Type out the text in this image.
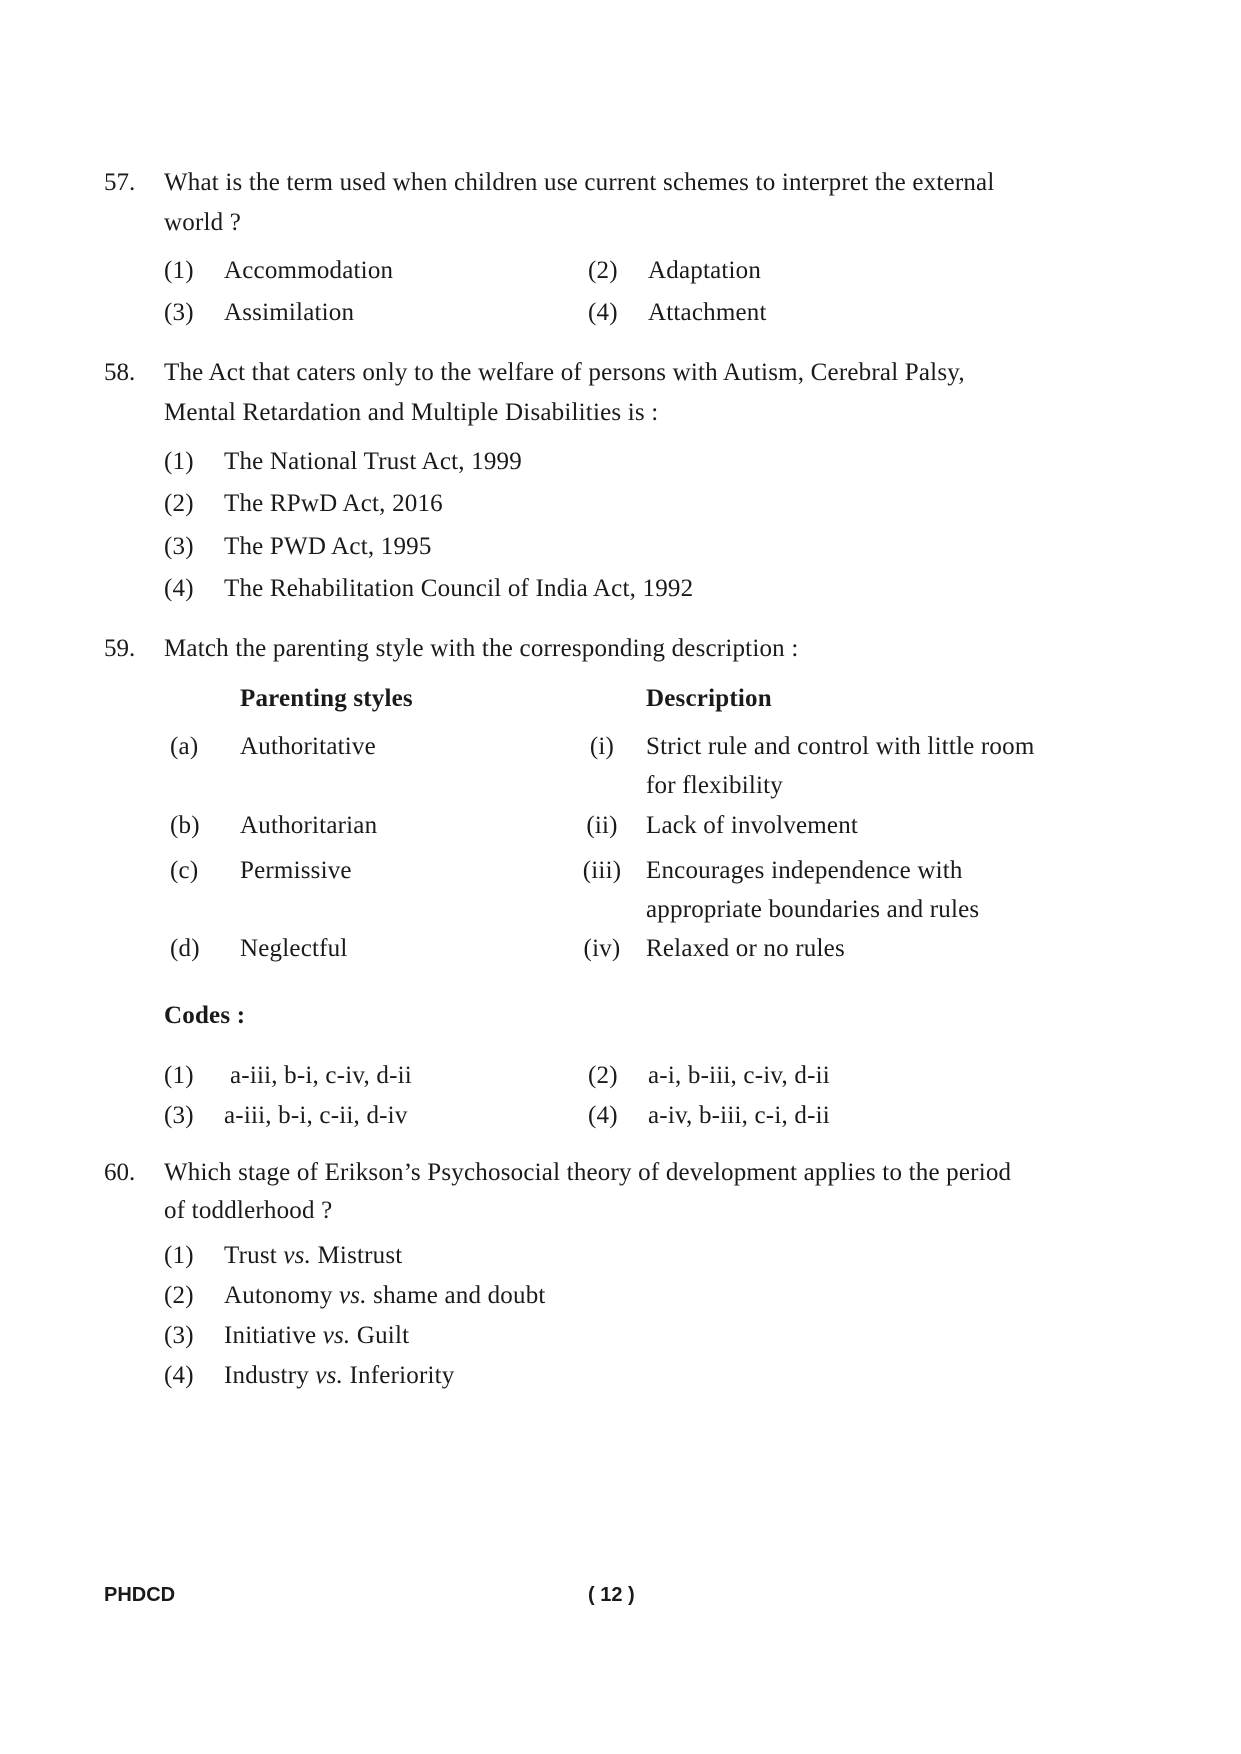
57. What is the term used when children use current schemes to interpret the external
world ?
(1) Accommodation	(2) Adaptation
(3) Assimilation	(4) Attachment
58. The Act that caters only to the welfare of persons with Autism, Cerebral Palsy,
Mental Retardation and Multiple Disabilities is :
(1) The National Trust Act, 1999
(2) The RPwD Act, 2016
(3) The PWD Act, 1995
(4) The Rehabilitation Council of India Act, 1992
59. Match the parenting style with the corresponding description :
Parenting styles	Description
(a) Authoritative	(i)	Strict rule and control with little room
for flexibility
(b) Authoritarian	(ii)	Lack of involvement
(c) Permissive	(iii) Encourages independence with
appropriate boundaries and rules
(d) Neglectful	(iv) Relaxed or no rules
Codes :
(1) a-iii, b-i, c-iv, d-ii	(2) a-i, b-iii, c-iv, d-ii
(3) a-iii, b-i, c-ii, d-iv	(4) a-iv, b-iii, c-i, d-ii
60. Which stage of Erikson’s Psychosocial theory of development applies to the period
of toddlerhood ?
(1) Trust vs. Mistrust
(2) Autonomy vs. shame and doubt
(3) Initiative vs. Guilt
(4) Industry vs. Inferiority
PHDCD	( 12 )
